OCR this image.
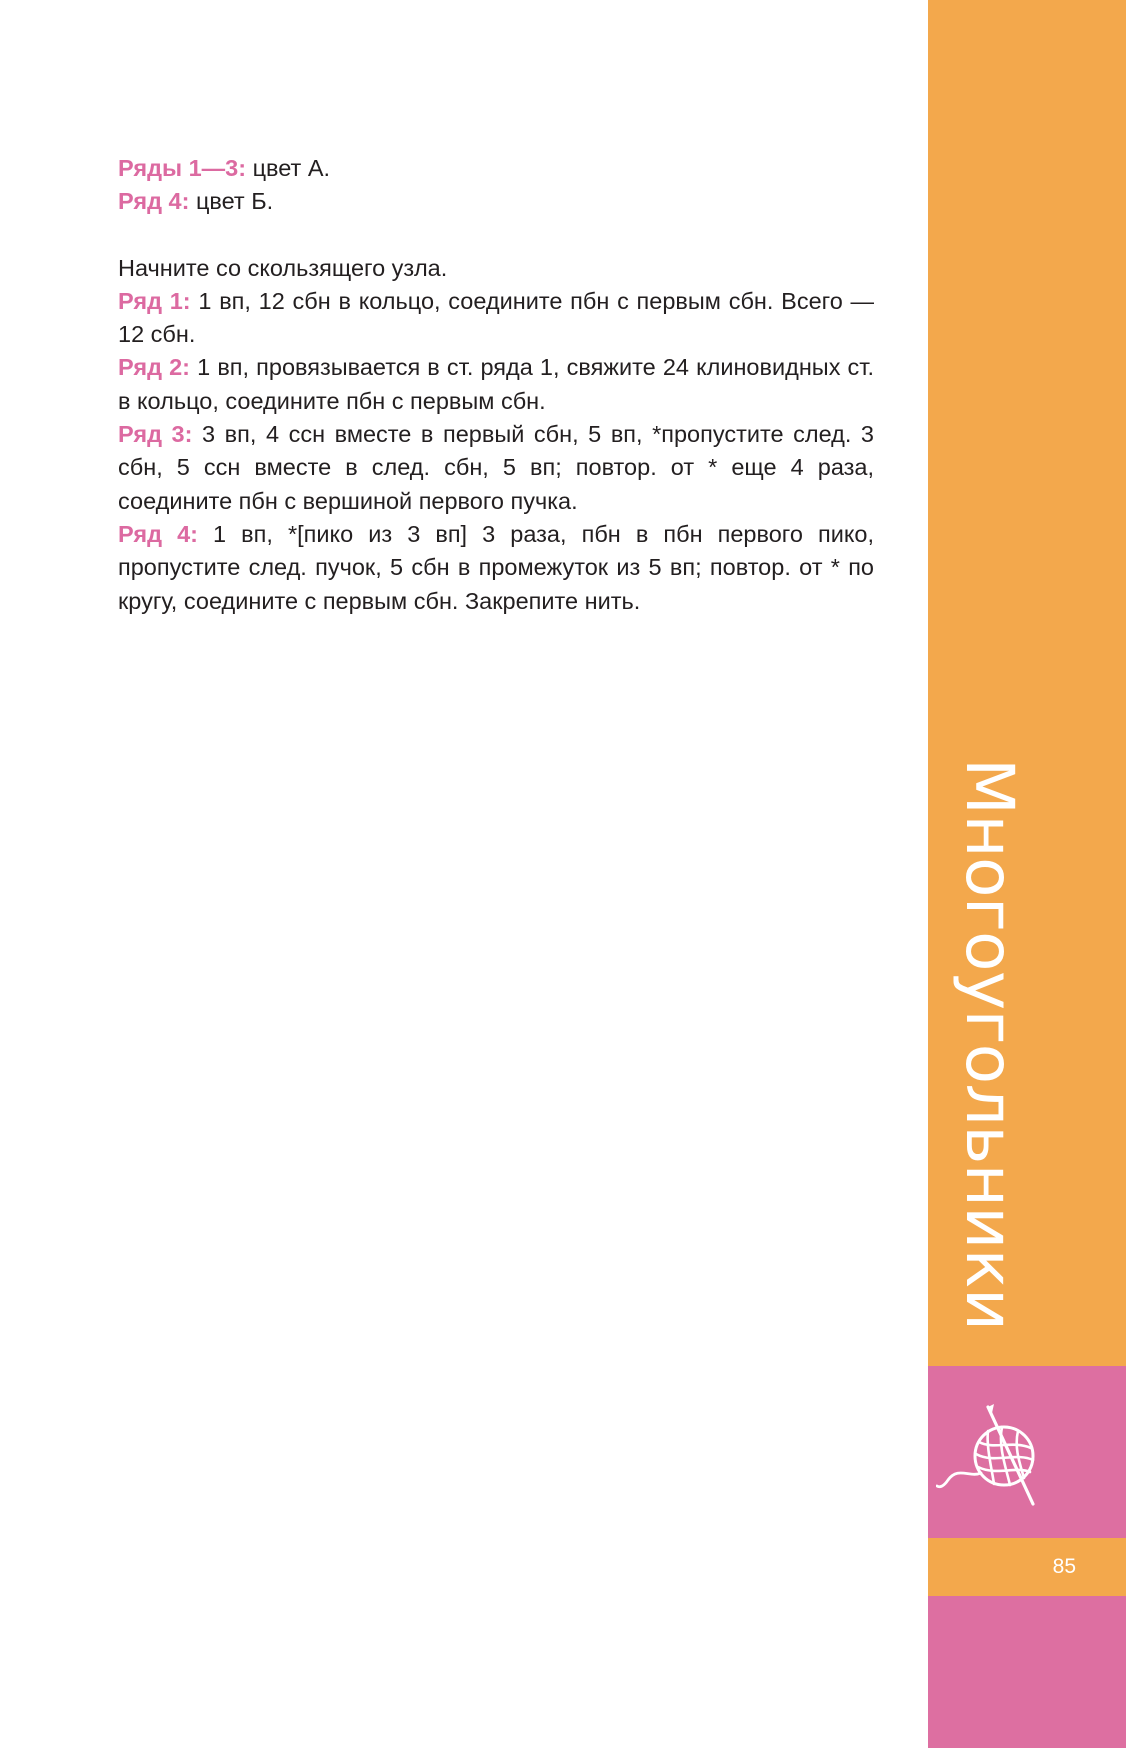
Ряды 1—3: цвет А.

Ряд 4: цвет Б.

Начните со скользящего узла.

Ряд 1: 1 вп, 12 сбн в кольцо, соедините пбн с первым сбн. Всего — 12 сбн.

Ряд 2: 1 вп, провязывается в ст. ряда 1, свяжите 24 клиновидных ст. в кольцо, соедините пбн с первым сбн.

Ряд 3: 3 вп, 4 ссн вместе в первый сбн, 5 вп, *пропустите след. 3 сбн, 5 ссн вместе в след. сбн, 5 вп; повтор. от * еще 4 раза, соедините пбн с вершиной первого пучка.

Ряд 4: 1 вп, *[пико из 3 вп] 3 раза, пбн в пбн первого пико, пропустите след. пучок, 5 сбн в промежуток из 5 вп; повтор. от * по кругу, соедините с первым сбн. Закрепите нить.

Многоугольники
85
